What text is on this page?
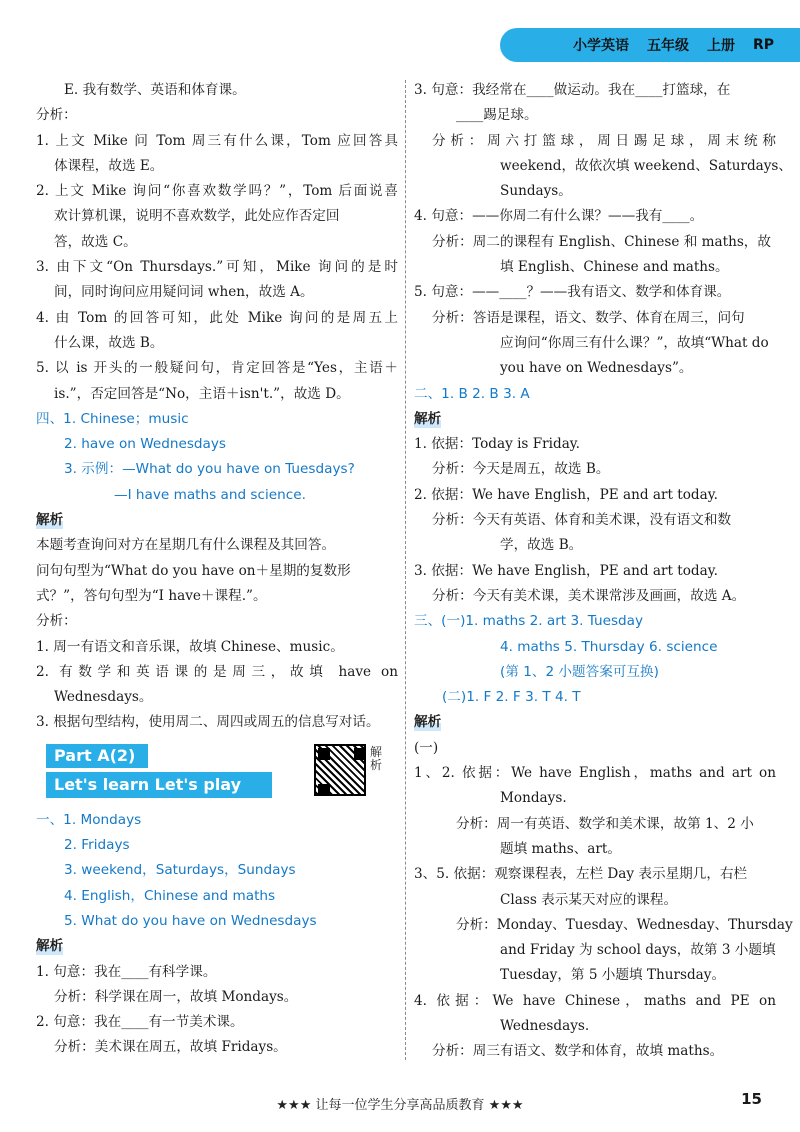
小学英语 五年级 上册 RP
E. 我有数学、英语和体育课。
分析：
1. 上文 Mike 问 Tom 周三有什么课，Tom 应回答具
体课程，故选 E。
2. 上文 Mike 询问“你喜欢数学吗？”，Tom 后面说喜
欢计算机课，说明不喜欢数学，此处应作否定回
答，故选 C。
3. 由下文“On Thursdays.”可知，Mike 询问的是时
间，同时询问应用疑问词 when，故选 A。
4. 由 Tom 的回答可知，此处 Mike 询问的是周五上
什么课，故选 B。
5. 以 is 开头的一般疑问句，肯定回答是“Yes，主语＋
is.”，否定回答是“No，主语＋isn't.”，故选 D。
四、1. Chinese；music
2. have on Wednesdays
3. 示例：—What do you have on Tuesdays?
—I have maths and science.
解析
本题考查询问对方在星期几有什么课程及其回答。
问句句型为“What do you have on＋星期的复数形
式？”，答句句型为“I have＋课程.”。
分析：
1. 周一有语文和音乐课，故填 Chinese、music。
2. 有数学和英语课的是周三，故填 have on
Wednesdays。
3. 根据句型结构，使用周二、周四或周五的信息写对话。
Part A(2)
Let's learn Let's play
解析
一、1. Mondays
2. Fridays
3. weekend，Saturdays，Sundays
4. English，Chinese and maths
5. What do you have on Wednesdays
解析
1. 句意：我在____有科学课。
分析：科学课在周一，故填 Mondays。
2. 句意：我在____有一节美术课。
分析：美术课在周五，故填 Fridays。
3. 句意：我经常在____做运动。我在____打篮球，在
____踢足球。
分析：周六打篮球，周日踢足球，周末统称
weekend，故依次填 weekend、Saturdays、
Sundays。
4. 句意：——你周二有什么课？——我有____。
分析：周二的课程有 English、Chinese 和 maths，故
填 English、Chinese and maths。
5. 句意：——____？——我有语文、数学和体育课。
分析：答语是课程，语文、数学、体育在周三，问句
应询问“你周三有什么课？”，故填“What do
you have on Wednesdays”。
二、1. B 2. B 3. A
解析
1. 依据：Today is Friday.
分析：今天是周五，故选 B。
2. 依据：We have English，PE and art today.
分析：今天有英语、体育和美术课，没有语文和数
学，故选 B。
3. 依据：We have English，PE and art today.
分析：今天有美术课，美术课常涉及画画，故选 A。
三、(一)1. maths 2. art 3. Tuesday
4. maths 5. Thursday 6. science
(第 1、2 小题答案可互换)
(二)1. F 2. F 3. T 4. T
解析
(一)
1、2. 依据：We have English，maths and art on
Mondays.
分析：周一有英语、数学和美术课，故第 1、2 小
题填 maths、art。
3、5. 依据：观察课程表，左栏 Day 表示星期几，右栏
Class 表示某天对应的课程。
分析：Monday、Tuesday、Wednesday、Thursday
and Friday 为 school days，故第 3 小题填
Tuesday，第 5 小题填 Thursday。
4. 依据：We have Chinese，maths and PE on
Wednesdays.
分析：周三有语文、数学和体育，故填 maths。
★★★ 让每一位学生分享高品质教育 ★★★	15
